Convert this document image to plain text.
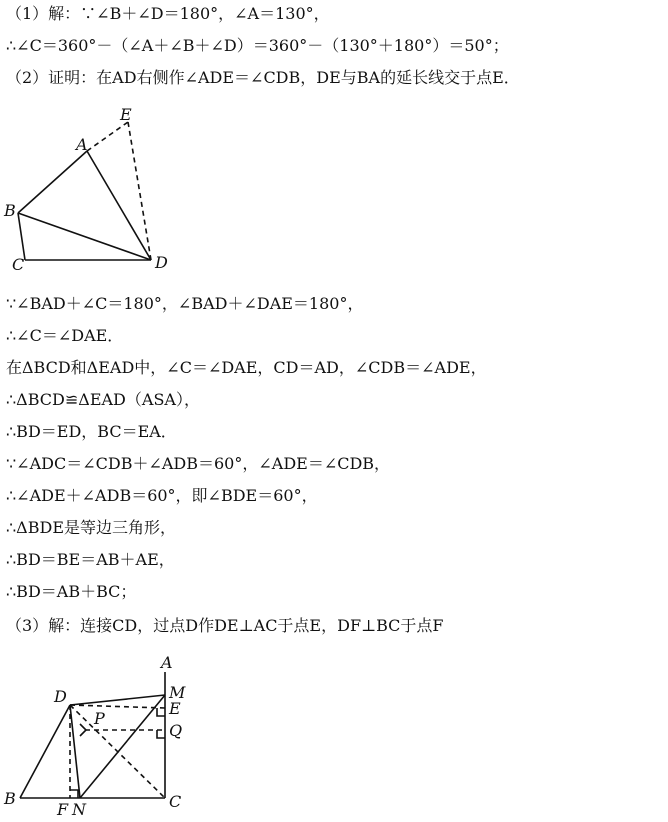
（1）解：∵∠B＋∠D＝180°，∠A＝130°，
∴∠C＝360°－（∠A＋∠B＋∠D）＝360°－（130°＋180°）＝50°；
（2）证明：在AD右侧作∠ADE＝∠CDB，DE与BA的延长线交于点E．
E
A
B
C	D
∵∠BAD＋∠C＝180°，∠BAD＋∠DAE＝180°，
∴∠C＝∠DAE．
在ΔBCD和ΔEAD中，∠C＝∠DAE，CD＝AD，∠CDB＝∠ADE，
∴ΔBCD≌ΔEAD（ASA），
∴BD＝ED，BC＝EA．
∵∠ADC＝∠CDB＋∠ADB＝60°，∠ADE＝∠CDB，
∴∠ADE＋∠ADB＝60°，即∠BDE＝60°，
∴ΔBDE是等边三角形，
∴BD＝BE＝AB＋AE，
∴BD＝AB＋BC；
（3）解：连接CD，过点D作DE⊥AC于点E，DF⊥BC于点F
A
M
E
Q
D
P
B
F N	C
